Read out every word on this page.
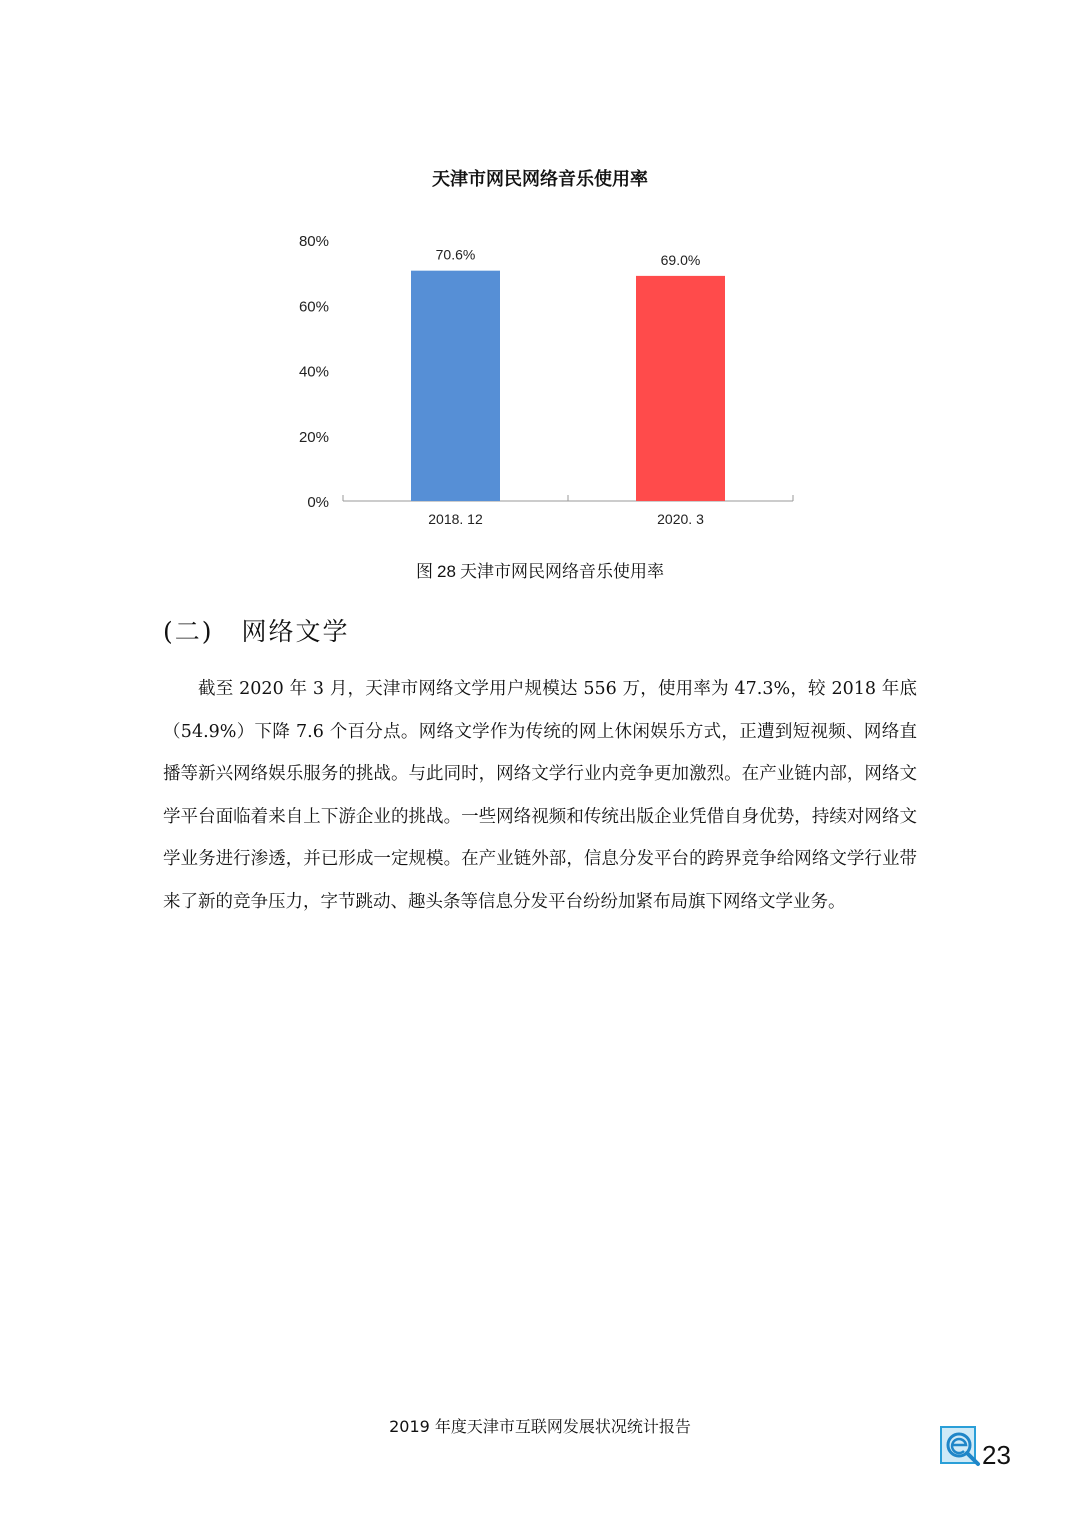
天津市网民网络音乐使用率
0%
20%
40%
60%
80%
70.6%
2018. 12
69.0%
2020. 3
图 28 天津市网民网络音乐使用率
(二) 网络文学

截至 2020 年 3 月，天津市网络文学用户规模达 556 万，使用率为 47.3%，较 2018 年底（54.9%）下降 7.6 个百分点。网络文学作为传统的网上休闲娱乐方式，正遭到短视频、网络直播等新兴网络娱乐服务的挑战。与此同时，网络文学行业内竞争更加激烈。在产业链内部，网络文学平台面临着来自上下游企业的挑战。一些网络视频和传统出版企业凭借自身优势，持续对网络文学业务进行渗透，并已形成一定规模。在产业链外部，信息分发平台的跨界竞争给网络文学行业带来了新的竞争压力，字节跳动、趣头条等信息分发平台纷纷加紧布局旗下网络文学业务。

2019 年度天津市互联网发展状况统计报告
23
